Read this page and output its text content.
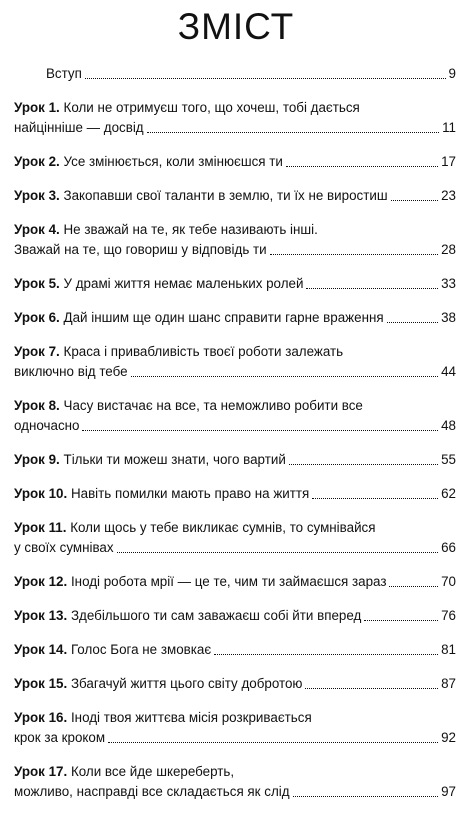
ЗМІСТ
Вступ	9
Урок 1. Коли не отримуєш того, що хочеш, тобі дається
найцінніше — досвід	11
Урок 2. Усе змінюється, коли змінюєшся ти	17
Урок 3. Закопавши свої таланти в землю, ти їх не виростиш	23
Урок 4. Не зважай на те, як тебе називають інші.
Зважай на те, що говориш у відповідь ти	28
Урок 5. У драмі життя немає маленьких ролей	33
Урок 6. Дай іншим ще один шанс справити гарне враження	38
Урок 7. Краса і привабливість твоєї роботи залежать
виключно від тебе	44
Урок 8. Часу вистачає на все, та неможливо робити все
одночасно	48
Урок 9. Тільки ти можеш знати, чого вартий	55
Урок 10. Навіть помилки мають право на життя	62
Урок 11. Коли щось у тебе викликає сумнів, то сумнівайся
у своїх сумнівах	66
Урок 12. Іноді робота мрії — це те, чим ти займаєшся зараз	70
Урок 13. Здебільшого ти сам заважаєш собі йти вперед	76
Урок 14. Голос Бога не змовкає	81
Урок 15. Збагачуй життя цього світу добротою	87
Урок 16. Іноді твоя життєва місія розкривається
крок за кроком	92
Урок 17. Коли все йде шкереберть,
можливо, насправді все складається як слід	97
